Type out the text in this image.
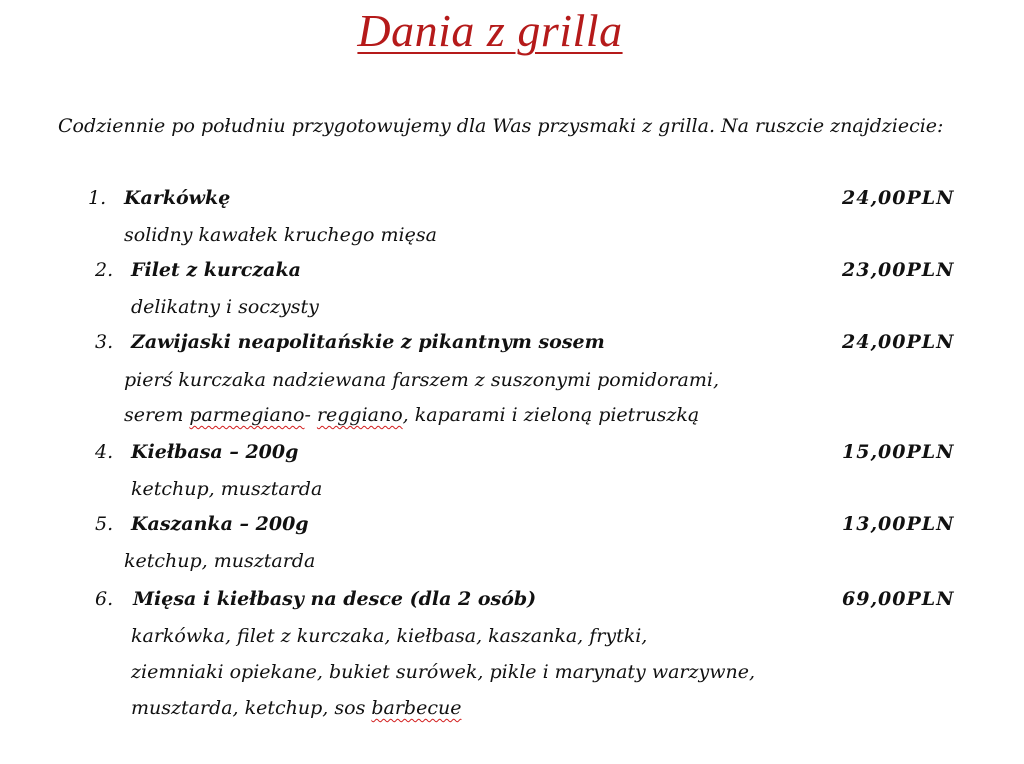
Dania z grilla
Codziennie po południu przygotowujemy dla Was przysmaki z grilla. Na ruszcie znajdziecie:
1. Karkówkę	24,00PLN
solidny kawałek kruchego mięsa
2. Filet z kurczaka	23,00PLN
delikatny i soczysty
3. Zawijaski neapolitańskie z pikantnym sosem	24,00PLN
pierś kurczaka nadziewana farszem z suszonymi pomidorami,
serem parmegiano- reggiano, kaparami i zieloną pietruszką
4. Kiełbasa – 200g	15,00PLN
ketchup, musztarda
5. Kaszanka – 200g	13,00PLN
ketchup, musztarda
6. Mięsa i kiełbasy na desce (dla 2 osób)	69,00PLN
karkówka, filet z kurczaka, kiełbasa, kaszanka, frytki,
ziemniaki opiekane, bukiet surówek, pikle i marynaty warzywne,
musztarda, ketchup, sos barbecue
